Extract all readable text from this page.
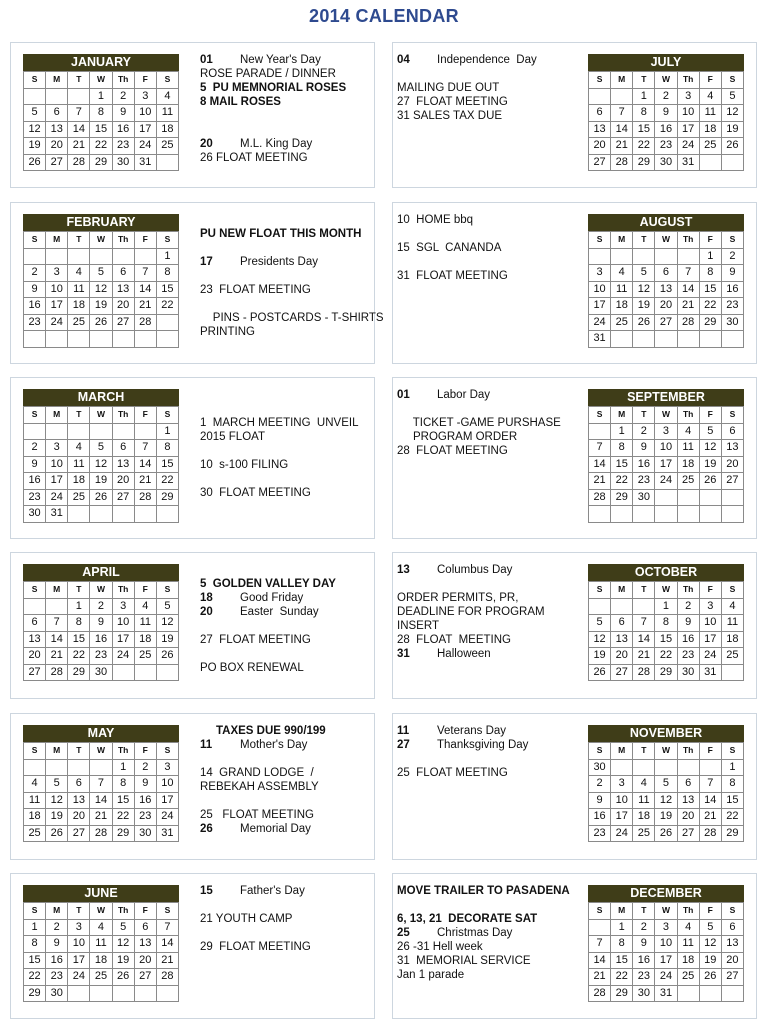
2014 CALENDAR
JANUARY
S	M	T	W	Th	F	S
			1	2	3	4
5	6	7	8	9	10	11
12	13	14	15	16	17	18
19	20	21	22	23	24	25
26	27	28	29	30	31	
01 New Year's Day
ROSE PARADE / DINNER
5  PU MEMNORIAL ROSES
8 MAIL ROSES
20 M.L. King Day
26 FLOAT MEETING
JULY
S	M	T	W	Th	F	S
		1	2	3	4	5
6	7	8	9	10	11	12
13	14	15	16	17	18	19
20	21	22	23	24	25	26
27	28	29	30	31		
04 Independence  Day
MAILING DUE OUT
27  FLOAT MEETING
31 SALES TAX DUE
FEBRUARY
S	M	T	W	Th	F	S
						1
2	3	4	5	6	7	8
9	10	11	12	13	14	15
16	17	18	19	20	21	22
23	24	25	26	27	28	

PU NEW FLOAT THIS MONTH
17 Presidents Day
23  FLOAT MEETING
PINS - POSTCARDS - T-SHIRTS
PRINTING
AUGUST
S	M	T	W	Th	F	S
					1	2
3	4	5	6	7	8	9
10	11	12	13	14	15	16
17	18	19	20	21	22	23
24	25	26	27	28	29	30
31						
10  HOME bbq
15  SGL  CANANDA
31  FLOAT MEETING
MARCH
S	M	T	W	Th	F	S
						1
2	3	4	5	6	7	8
9	10	11	12	13	14	15
16	17	18	19	20	21	22
23	24	25	26	27	28	29
30	31					
1  MARCH MEETING  UNVEIL
2015 FLOAT
10  s-100 FILING
30  FLOAT MEETING
SEPTEMBER
S	M	T	W	Th	F	S
	1	2	3	4	5	6
7	8	9	10	11	12	13
14	15	16	17	18	19	20
21	22	23	24	25	26	27
28	29	30				

01 Labor Day
TICKET -GAME PURSHASE
PROGRAM ORDER
28  FLOAT MEETING
APRIL
S	M	T	W	Th	F	S
		1	2	3	4	5
6	7	8	9	10	11	12
13	14	15	16	17	18	19
20	21	22	23	24	25	26
27	28	29	30			
5  GOLDEN VALLEY DAY
18 Good Friday
20 Easter  Sunday
27  FLOAT MEETING
PO BOX RENEWAL
OCTOBER
S	M	T	W	Th	F	S
			1	2	3	4
5	6	7	8	9	10	11
12	13	14	15	16	17	18
19	20	21	22	23	24	25
26	27	28	29	30	31	
13 Columbus Day
ORDER PERMITS, PR,
DEADLINE FOR PROGRAM
INSERT
28  FLOAT  MEETING
31 Halloween
MAY
S	M	T	W	Th	F	S
				1	2	3
4	5	6	7	8	9	10
11	12	13	14	15	16	17
18	19	20	21	22	23	24
25	26	27	28	29	30	31
TAXES DUE 990/199
11 Mother's Day
14  GRAND LODGE  /
REBEKAH ASSEMBLY
25   FLOAT MEETING
26 Memorial Day
NOVEMBER
S	M	T	W	Th	F	S
30						1
2	3	4	5	6	7	8
9	10	11	12	13	14	15
16	17	18	19	20	21	22
23	24	25	26	27	28	29
11 Veterans Day
27 Thanksgiving Day
25  FLOAT MEETING
JUNE
S	M	T	W	Th	F	S
1	2	3	4	5	6	7
8	9	10	11	12	13	14
15	16	17	18	19	20	21
22	23	24	25	26	27	28
29	30					
15 Father's Day
21 YOUTH CAMP
29  FLOAT MEETING
DECEMBER
S	M	T	W	Th	F	S
	1	2	3	4	5	6
7	8	9	10	11	12	13
14	15	16	17	18	19	20
21	22	23	24	25	26	27
28	29	30	31			
MOVE TRAILER TO PASADENA
6, 13, 21  DECORATE SAT
25 Christmas Day
26 -31 Hell week
31  MEMORIAL SERVICE
Jan 1 parade
